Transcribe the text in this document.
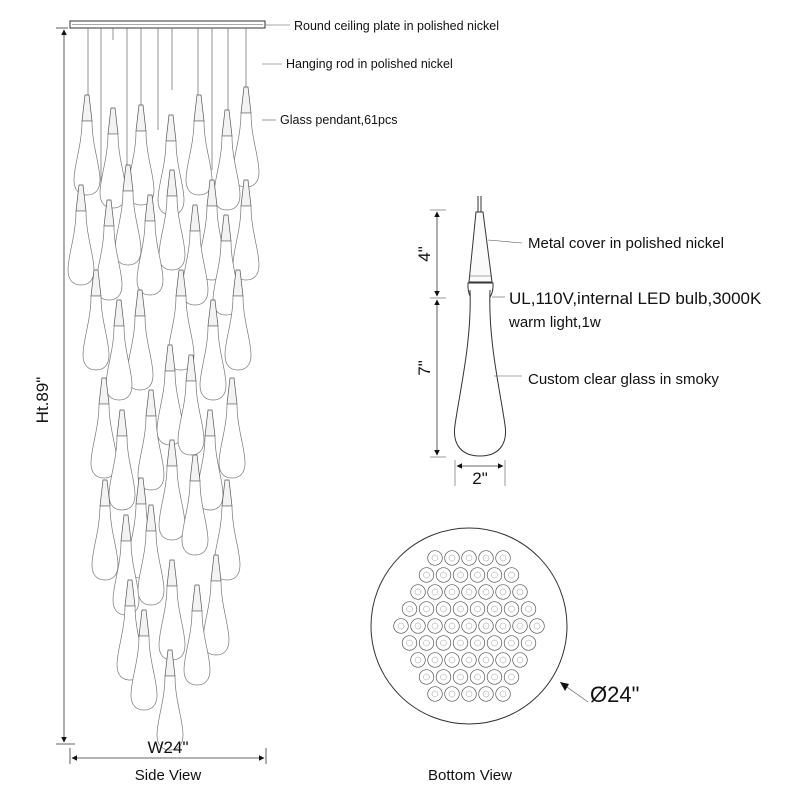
Round ceiling plate in polished nickel
Hanging rod in polished nickel
Glass pendant,61pcs
Ht.89"
W24"
Side View
4"
7"
2"
Metal cover in polished nickel
UL,110V,internal LED bulb,3000K
warm light,1w
Custom clear glass in smoky
Ø24"
Bottom View
